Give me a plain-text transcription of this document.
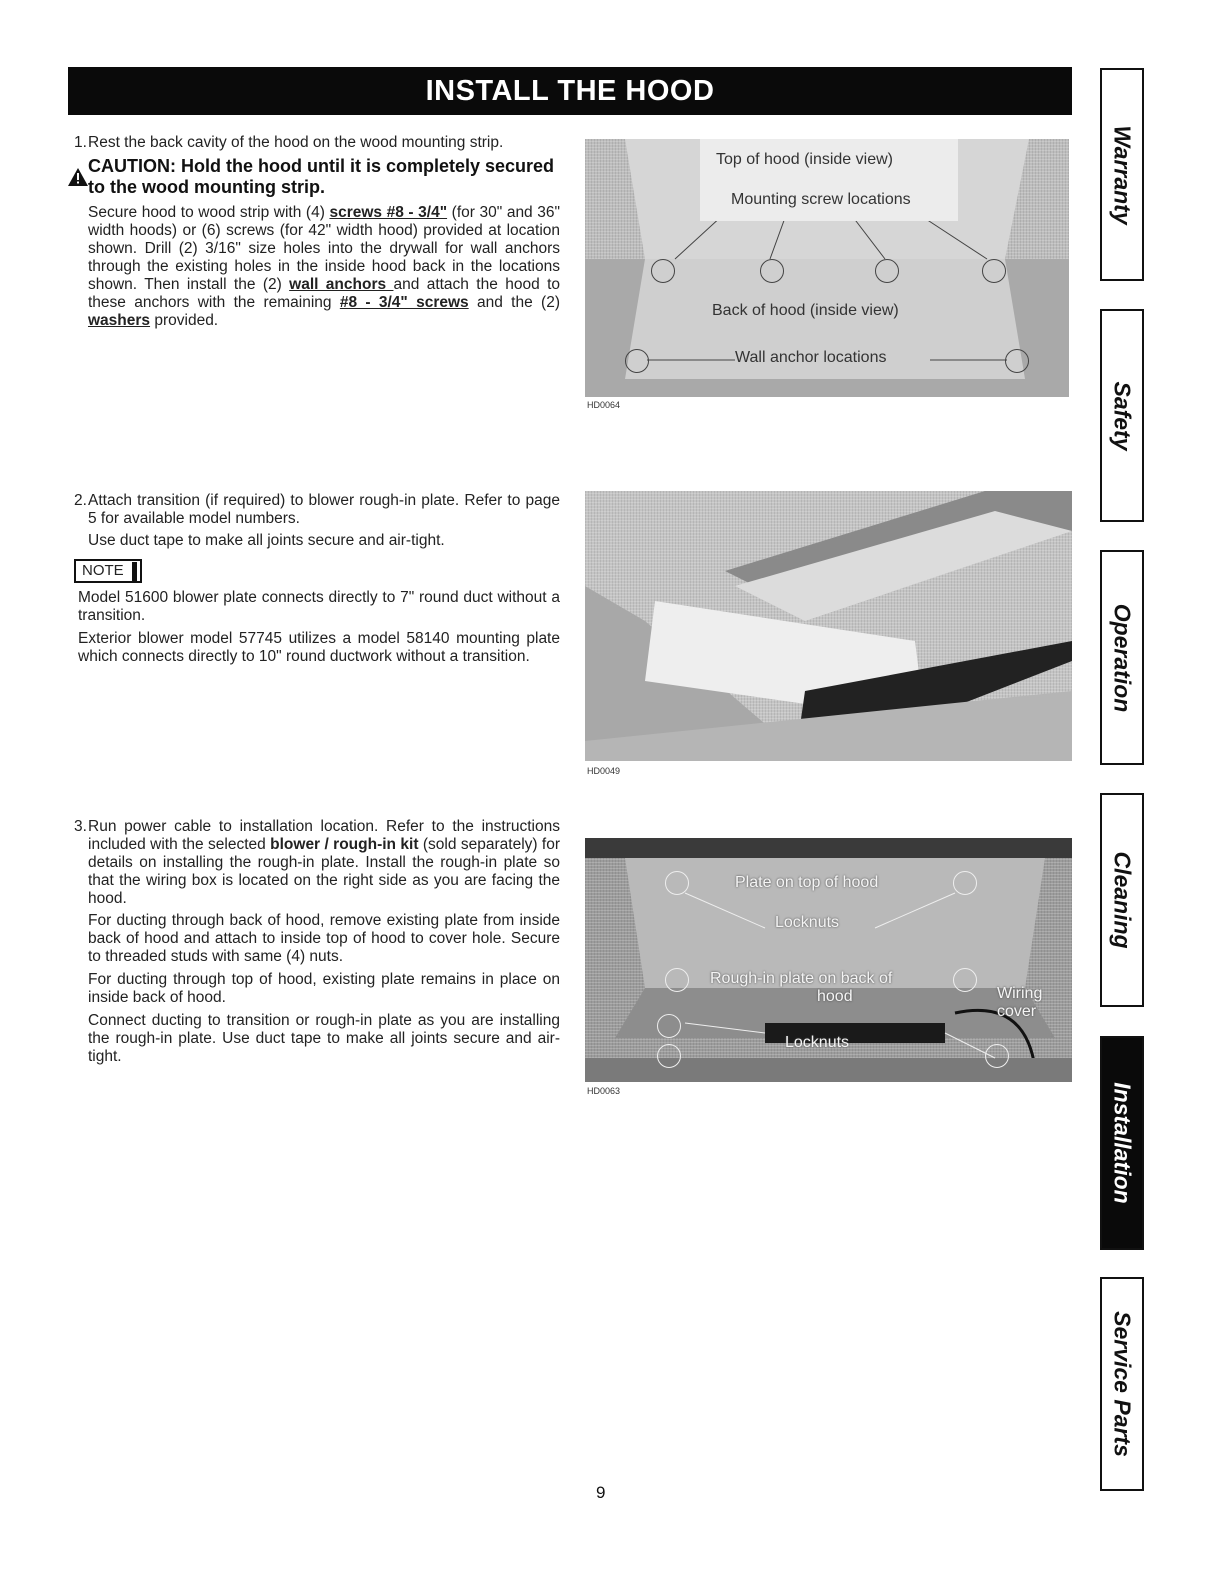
INSTALL THE HOOD

1.Rest the back cavity of the hood on the wood mounting strip.

CAUTION: Hold the hood until it is completely secured to the wood mounting strip.

Secure hood to wood strip with (4) screws #8 - 3/4" (for 30" and 36" width hoods) or (6) screws (for 42" width hood) provided at location shown. Drill (2) 3/16" size holes into the drywall for wall anchors through the existing holes in the inside hood back in the locations shown. Then install the (2) wall anchors and attach the hood to these anchors with the remaining #8 - 3/4" screws and the (2) washers provided.

Top of hood (inside view)
Mounting screw locations
Back of hood (inside view)
Wall anchor locations
HD0064

2.Attach transition (if required) to blower rough-in plate. Refer to page 5 for available model numbers.

Use duct tape to make all joints secure and air-tight.

NOTE

Model 51600 blower plate connects directly to 7" round duct without a transition.

Exterior blower model 57745 utilizes a model 58140 mounting plate which connects directly to 10" round ductwork without a transition.

HD0049

3.Run power cable to installation location. Refer to the instructions included with the selected blower / rough-in kit (sold separately) for details on installing the rough-in plate. Install the rough-in plate so that the wiring box is located on the right side as you are facing the hood.

For ducting through back of hood, remove existing plate from inside back of hood and attach to inside top of hood to cover hole. Secure to threaded studs with same (4) nuts.

For ducting through top of hood, existing plate remains in place on inside back of hood.

Connect ducting to transition or rough-in plate as you are installing the rough-in plate. Use duct tape to make all joints secure and air-tight.

Plate on top of hood
Locknuts
Rough-in plate on back of
hood	Wiring
cover
Locknuts
HD0063
Warranty
Safety
Operation
Cleaning
Installation
Service Parts
9
